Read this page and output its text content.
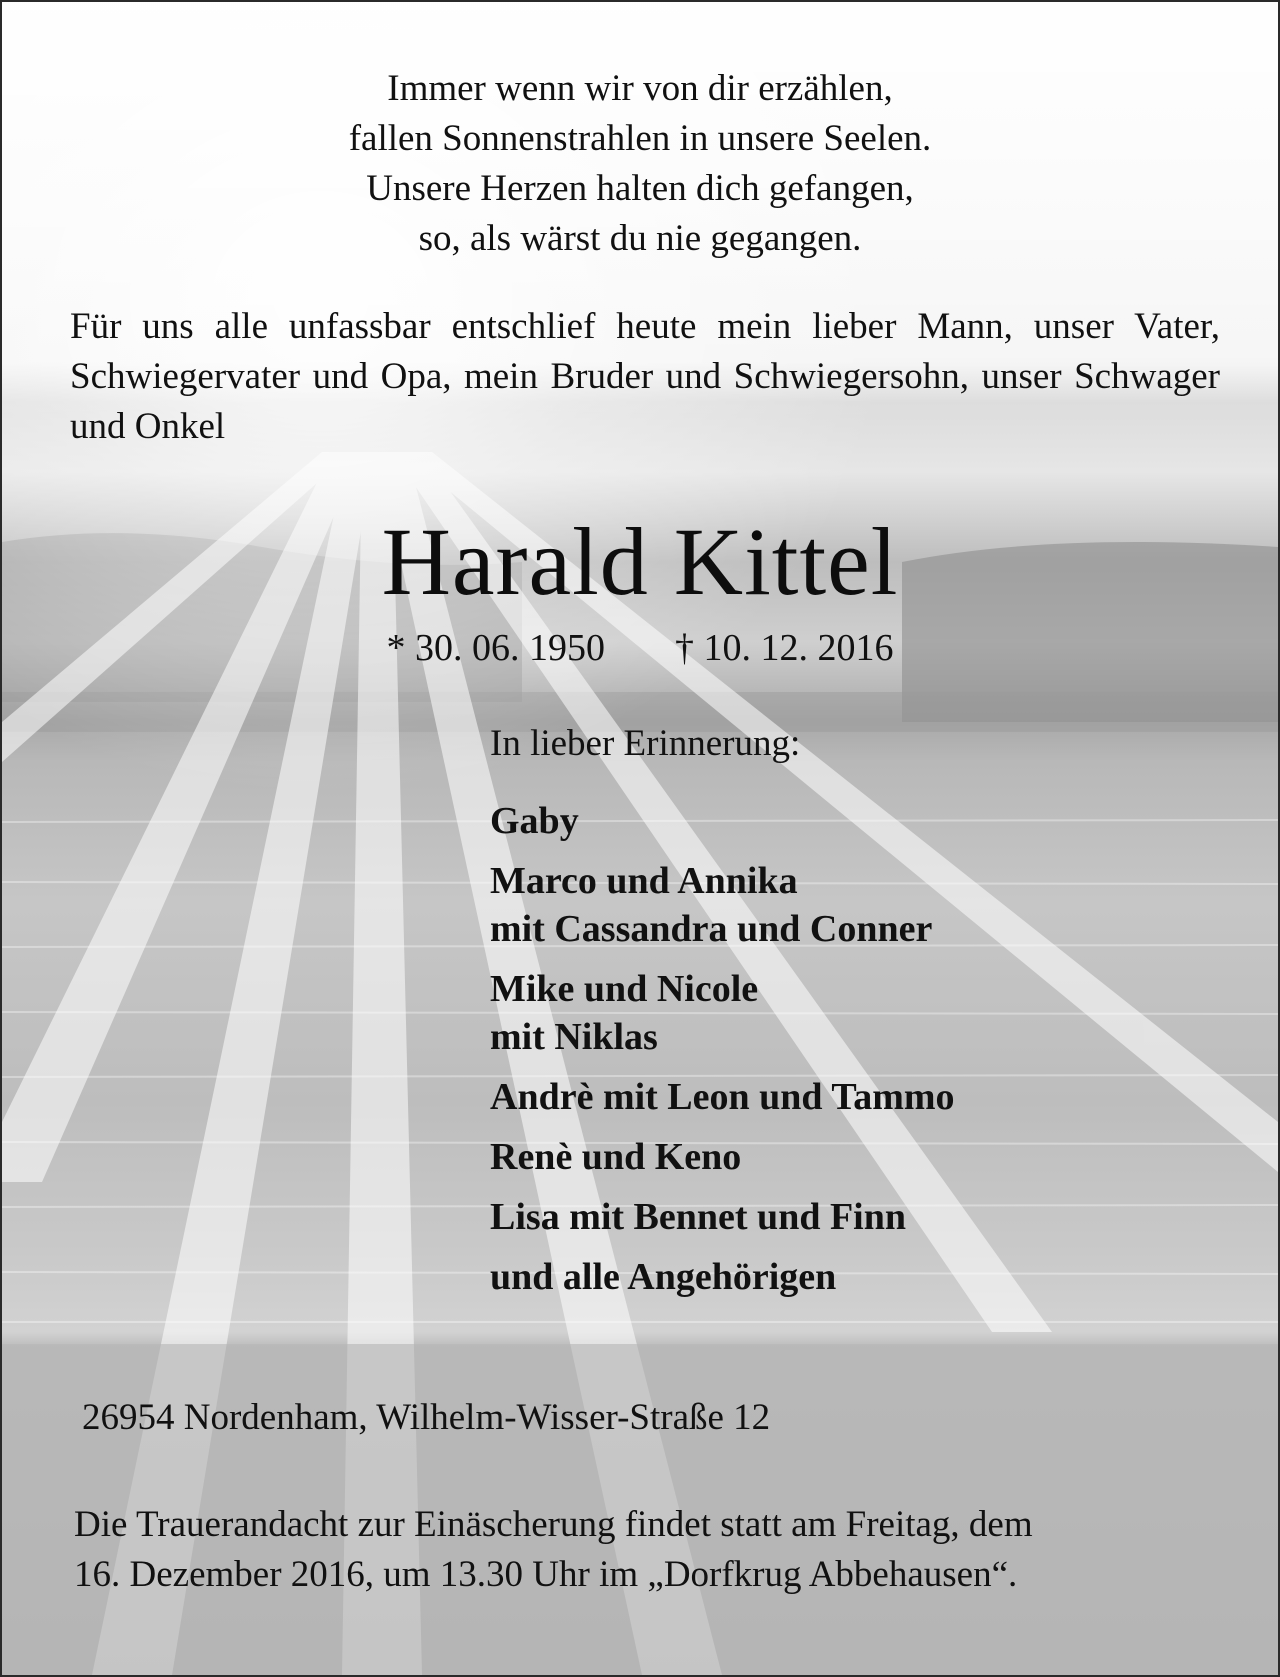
Immer wenn wir von dir erzählen,
fallen Sonnenstrahlen in unsere Seelen.
Unsere Herzen halten dich gefangen,
so, als wärst du nie gegangen.
Für uns alle unfassbar entschlief heute mein lieber Mann, unser Vater, Schwiegervater und Opa, mein Bruder und Schwiegersohn, unser Schwager und Onkel
Harald Kittel
* 30. 06. 1950 † 10. 12. 2016
In lieber Erinnerung:
Gaby
Marco und Annika
mit Cassandra und Conner
Mike und Nicole
mit Niklas
Andrè mit Leon und Tammo
Renè und Keno
Lisa mit Bennet und Finn
und alle Angehörigen
26954 Nordenham, Wilhelm-Wisser-Straße 12
Die Trauerandacht zur Einäscherung findet statt am Freitag, dem
16. Dezember 2016, um 13.30 Uhr im „Dorfkrug Abbehausen“.
